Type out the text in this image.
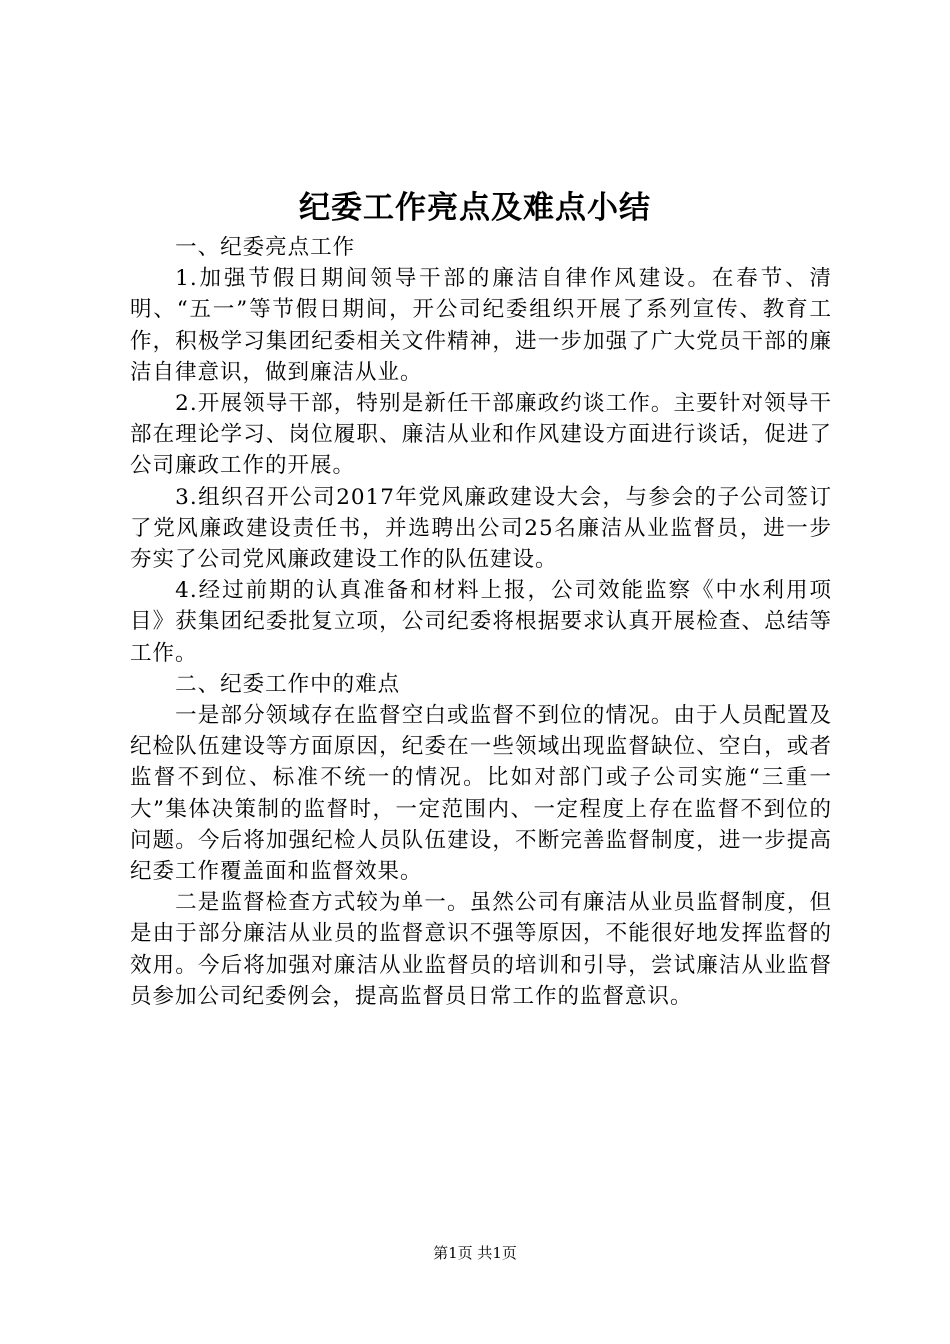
纪委工作亮点及难点小结

一、纪委亮点工作

1.加强节假日期间领导干部的廉洁自律作风建设。在春节、清明、“五一”等节假日期间，开公司纪委组织开展了系列宣传、教育工作，积极学习集团纪委相关文件精神，进一步加强了广大党员干部的廉洁自律意识，做到廉洁从业。

2.开展领导干部，特别是新任干部廉政约谈工作。主要针对领导干部在理论学习、岗位履职、廉洁从业和作风建设方面进行谈话，促进了公司廉政工作的开展。

3.组织召开公司2017年党风廉政建设大会，与参会的子公司签订了党风廉政建设责任书，并选聘出公司25名廉洁从业监督员，进一步夯实了公司党风廉政建设工作的队伍建设。

4.经过前期的认真准备和材料上报，公司效能监察《中水利用项目》获集团纪委批复立项，公司纪委将根据要求认真开展检查、总结等工作。

二、纪委工作中的难点

一是部分领域存在监督空白或监督不到位的情况。由于人员配置及纪检队伍建设等方面原因，纪委在一些领域出现监督缺位、空白，或者监督不到位、标准不统一的情况。比如对部门或子公司实施“三重一大”集体决策制的监督时，一定范围内、一定程度上存在监督不到位的问题。今后将加强纪检人员队伍建设，不断完善监督制度，进一步提高纪委工作覆盖面和监督效果。

二是监督检查方式较为单一。虽然公司有廉洁从业员监督制度，但是由于部分廉洁从业员的监督意识不强等原因，不能很好地发挥监督的效用。今后将加强对廉洁从业监督员的培训和引导，尝试廉洁从业监督员参加公司纪委例会，提高监督员日常工作的监督意识。

第1页 共1页
